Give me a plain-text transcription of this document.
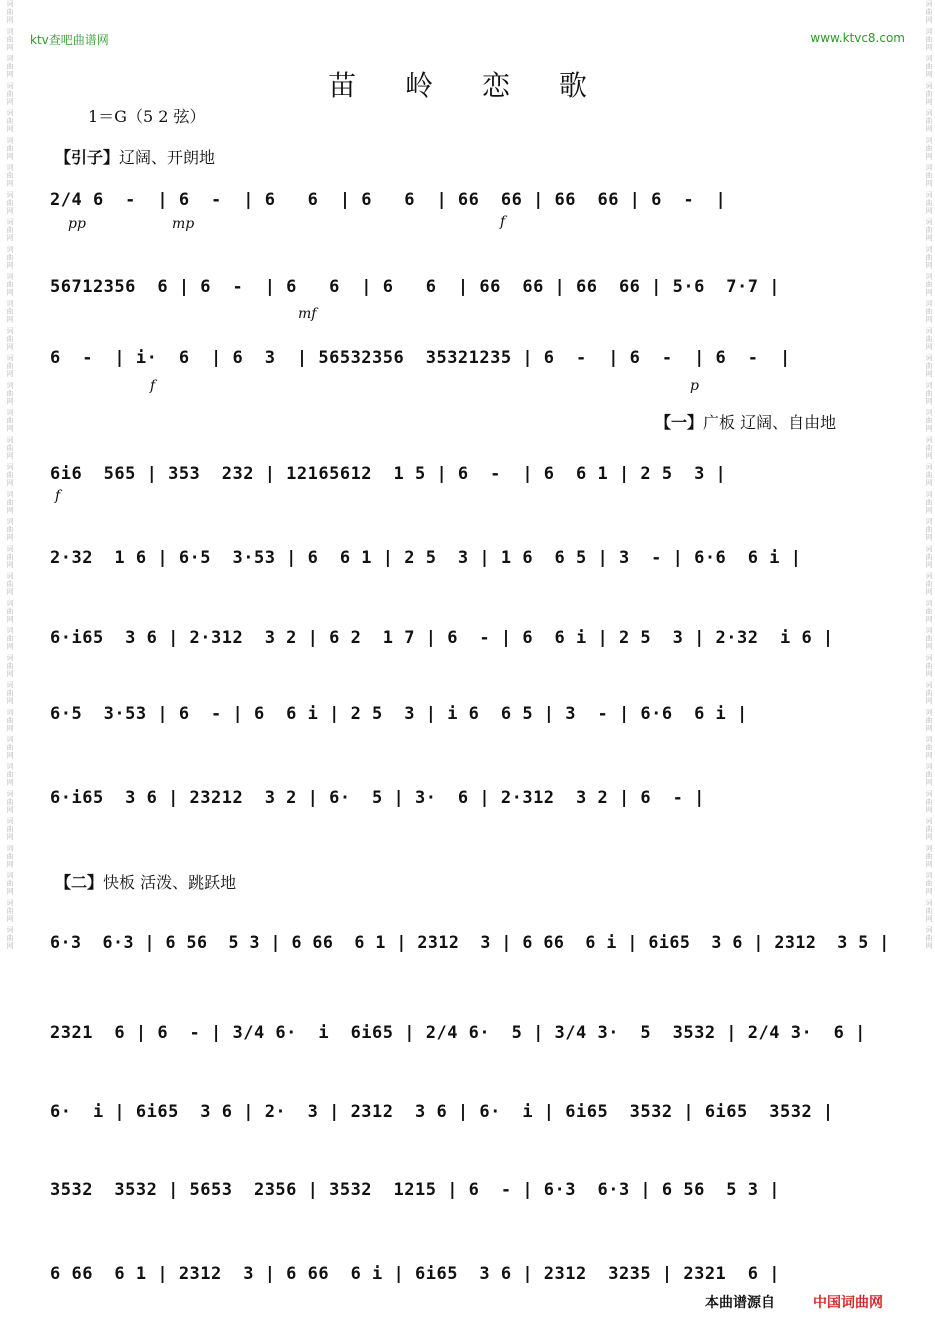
词曲网 词曲网 词曲网 词曲网 词曲网 词曲网 词曲网 词曲网 词曲网 词曲网 词曲网 词曲网 词曲网 词曲网 词曲网 词曲网 词曲网 词曲网 词曲网 词曲网 词曲网 词曲网 词曲网 词曲网 词曲网 词曲网 词曲网 词曲网 词曲网 词曲网 词曲网 词曲网 词曲网 词曲网 词曲网
词曲网 词曲网 词曲网 词曲网 词曲网 词曲网 词曲网 词曲网 词曲网 词曲网 词曲网 词曲网 词曲网 词曲网 词曲网 词曲网 词曲网 词曲网 词曲网 词曲网 词曲网 词曲网 词曲网 词曲网 词曲网 词曲网 词曲网 词曲网 词曲网 词曲网 词曲网 词曲网 词曲网 词曲网 词曲网
ktv查吧曲谱网	www.ktvc8.com
苗 岭 恋 歌
1＝G（5 2 弦）
【引子】辽阔、开朗地
【一】广板 辽阔、自由地
【二】快板 活泼、跳跃地
2/4 6  -  | 6  -  | 6   6  | 6   6  | 66  66 | 66  66 | 6  -  |
pp	mp	f
56712356  6 | 6  -  | 6   6  | 6   6  | 66  66 | 66  66 | 5·6  7·7 |
mf
6  -  | i·  6  | 6  3  | 56532356  35321235 | 6  -  | 6  -  | 6  -  |
f	p
6i6  565 | 353  232 | 12165612  1 5 | 6  -  | 6  6 1 | 2 5  3 |
f
2·32  1 6 | 6·5  3·53 | 6  6 1 | 2 5  3 | 1 6  6 5 | 3  - | 6·6  6 i |
6·i65  3 6 | 2·312  3 2 | 6 2  1 7 | 6  - | 6  6 i | 2 5  3 | 2·32  i 6 |
6·5  3·53 | 6  - | 6  6 i | 2 5  3 | i 6  6 5 | 3  - | 6·6  6 i |
6·i65  3 6 | 23212  3 2 | 6·  5 | 3·  6 | 2·312  3 2 | 6  - |
6·3  6·3 | 6 56  5 3 | 6 66  6 1 | 2312  3 | 6 66  6 i | 6i65  3 6 | 2312  3 5 |
2321  6 | 6  - | 3/4 6·  i  6i65 | 2/4 6·  5 | 3/4 3·  5  3532 | 2/4 3·  6 |
6·  i | 6i65  3 6 | 2·  3 | 2312  3 6 | 6·  i | 6i65  3532 | 6i65  3532 |
3532  3532 | 5653  2356 | 3532  1215 | 6  - | 6·3  6·3 | 6 56  5 3 |
6 66  6 1 | 2312  3 | 6 66  6 i | 6i65  3 6 | 2312  3235 | 2321  6 |
本曲谱源自	中国词曲网
